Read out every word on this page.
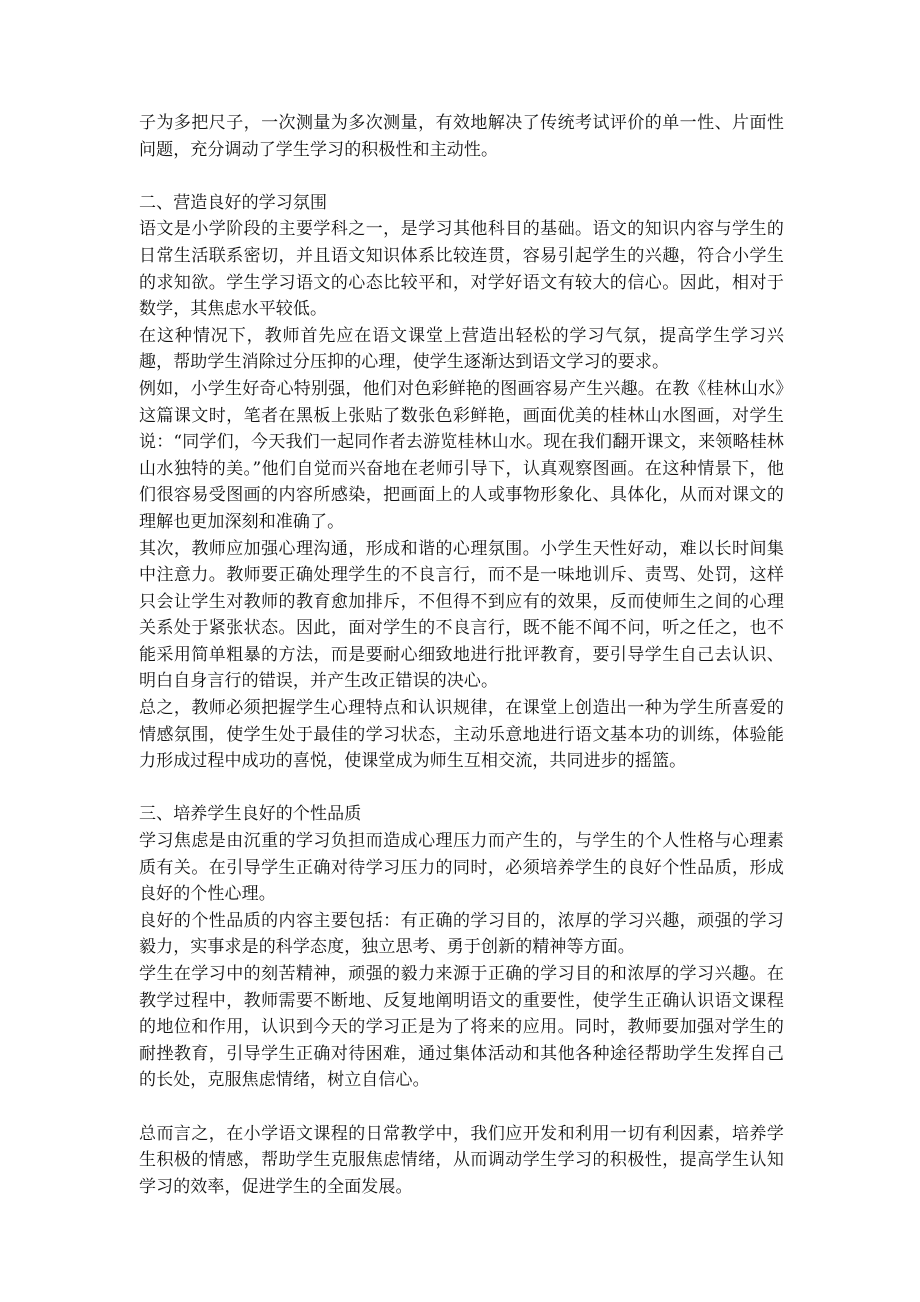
子为多把尺子，一次测量为多次测量，有效地解决了传统考试评价的单一性、片面性问题，充分调动了学生学习的积极性和主动性。

二、营造良好的学习氛围

语文是小学阶段的主要学科之一，是学习其他科目的基础。语文的知识内容与学生的日常生活联系密切，并且语文知识体系比较连贯，容易引起学生的兴趣，符合小学生的求知欲。学生学习语文的心态比较平和，对学好语文有较大的信心。因此，相对于数学，其焦虑水平较低。

在这种情况下，教师首先应在语文课堂上营造出轻松的学习气氛，提高学生学习兴趣，帮助学生消除过分压抑的心理，使学生逐渐达到语文学习的要求。

例如，小学生好奇心特别强，他们对色彩鲜艳的图画容易产生兴趣。在教《桂林山水》这篇课文时，笔者在黑板上张贴了数张色彩鲜艳，画面优美的桂林山水图画，对学生说：“同学们，今天我们一起同作者去游览桂林山水。现在我们翻开课文，来领略桂林山水独特的美。”他们自觉而兴奋地在老师引导下，认真观察图画。在这种情景下，他们很容易受图画的内容所感染，把画面上的人或事物形象化、具体化，从而对课文的理解也更加深刻和准确了。

其次，教师应加强心理沟通，形成和谐的心理氛围。小学生天性好动，难以长时间集中注意力。教师要正确处理学生的不良言行，而不是一味地训斥、责骂、处罚，这样只会让学生对教师的教育愈加排斥，不但得不到应有的效果，反而使师生之间的心理关系处于紧张状态。因此，面对学生的不良言行，既不能不闻不问，听之任之，也不能采用简单粗暴的方法，而是要耐心细致地进行批评教育，要引导学生自己去认识、明白自身言行的错误，并产生改正错误的决心。

总之，教师必须把握学生心理特点和认识规律，在课堂上创造出一种为学生所喜爱的情感氛围，使学生处于最佳的学习状态，主动乐意地进行语文基本功的训练，体验能力形成过程中成功的喜悦，使课堂成为师生互相交流，共同进步的摇篮。

三、培养学生良好的个性品质

学习焦虑是由沉重的学习负担而造成心理压力而产生的，与学生的个人性格与心理素质有关。在引导学生正确对待学习压力的同时，必须培养学生的良好个性品质，形成良好的个性心理。

良好的个性品质的内容主要包括：有正确的学习目的，浓厚的学习兴趣，顽强的学习毅力，实事求是的科学态度，独立思考、勇于创新的精神等方面。

学生在学习中的刻苦精神，顽强的毅力来源于正确的学习目的和浓厚的学习兴趣。在教学过程中，教师需要不断地、反复地阐明语文的重要性，使学生正确认识语文课程的地位和作用，认识到今天的学习正是为了将来的应用。同时，教师要加强对学生的耐挫教育，引导学生正确对待困难，通过集体活动和其他各种途径帮助学生发挥自己的长处，克服焦虑情绪，树立自信心。

总而言之，在小学语文课程的日常教学中，我们应开发和利用一切有利因素，培养学生积极的情感，帮助学生克服焦虑情绪，从而调动学生学习的积极性，提高学生认知学习的效率，促进学生的全面发展。
